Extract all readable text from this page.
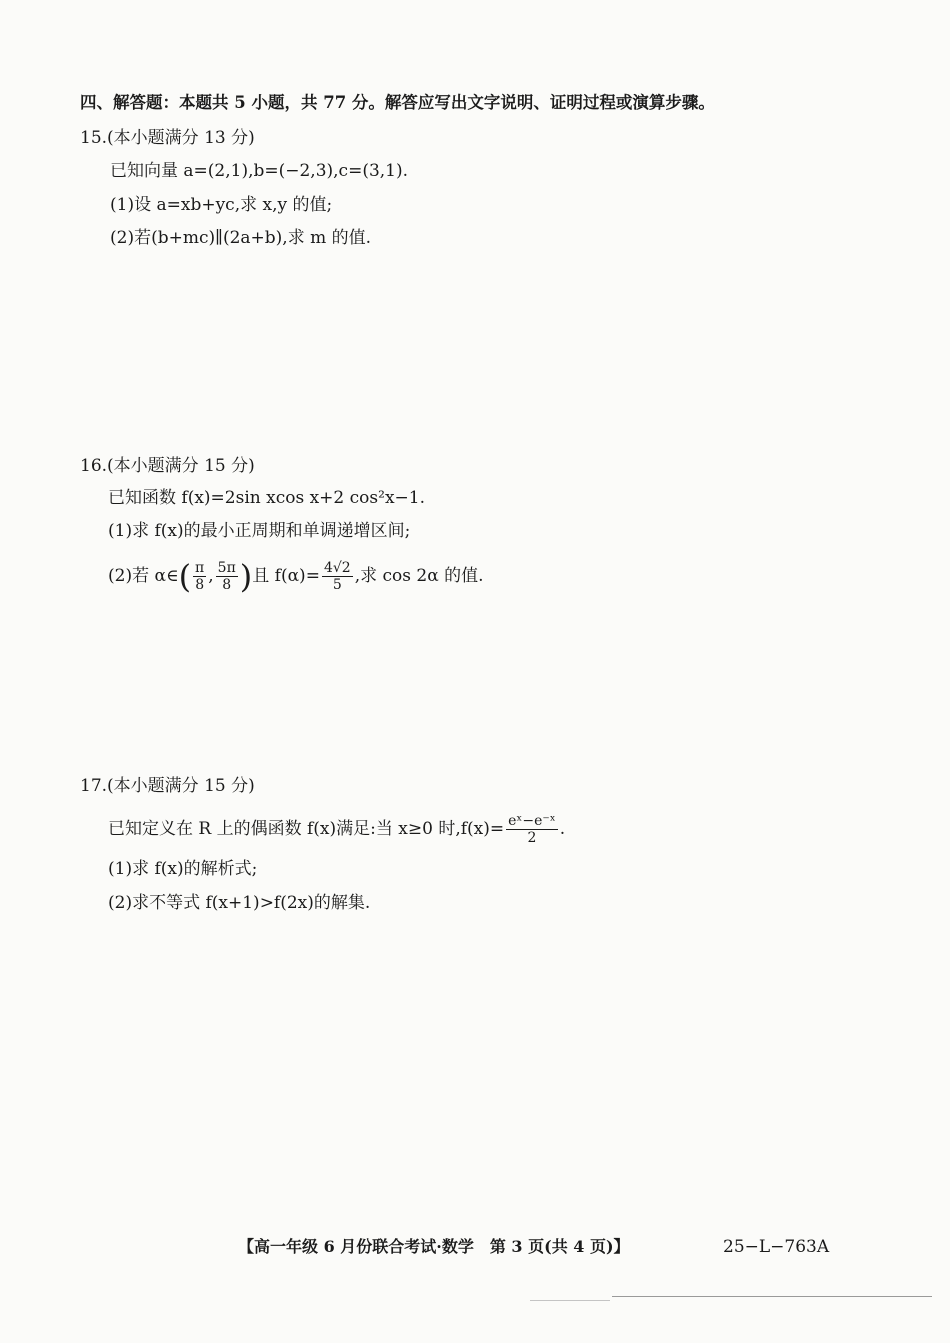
四、解答题：本题共 5 小题，共 77 分。解答应写出文字说明、证明过程或演算步骤。
15.(本小题满分 13 分)
已知向量 a=(2,1),b=(−2,3),c=(3,1).
(1)设 a=xb+yc,求 x,y 的值;
(2)若(b+mc)∥(2a+b),求 m 的值.
16.(本小题满分 15 分)
已知函数 f(x)=2sin xcos x+2 cos²x−1.
(1)求 f(x)的最小正周期和单调递增区间;
(2)若 α∈( $\frac{\pi}{8}$ , $\frac{5\pi}{8}$ )且 $f(\alpha)= \frac{4√2}{5}$ ,求 cos 2α 的值.
17.(本小题满分 15 分)
已知定义在 R 上的偶函数 f(x)满足:当 x≥0 时$,f(x)= \frac{\text{eˣ−e⁻ˣ}}{2}$ .
(1)求 f(x)的解析式;
(2)求不等式 f(x+1)>f(2x)的解集.
【高一年级 6 月份联合考试·数学　第 3 页(共 4 页)】	25−L−763A
